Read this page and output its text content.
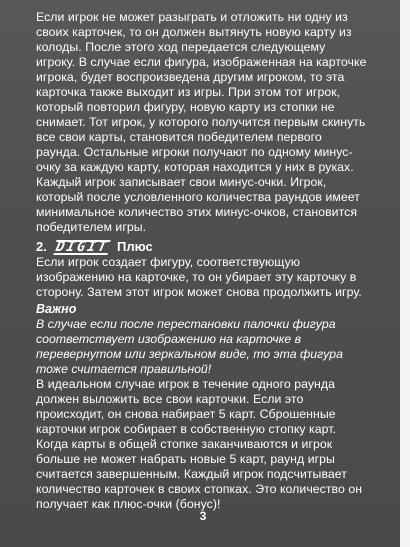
Если игрок не может разыграть и отложить ни одну из своих карточек, то он должен вытянуть новую карту из колоды. После этого ход передается следующему игроку. В случае если фигура, изображенная на карточке игрока, будет воспроизведена другим игроком, то эта карточка также выходит из игры. При этом тот игрок, который повторил фигуру, новую карту из стопки не снимает. Тот игрок, у которого получится первым скинуть все свои карты, становится победителем первого раунда. Остальные игроки получают по одному минус-очку за каждую карту, которая находится у них в руках. Каждый игрок записывает свои минус-очки. Игрок, который после условленного количества раундов имеет минимальное количество этих минус-очков, становится победителем игры.

2. DIGIT Плюс

Если игрок создает фигуру, соответствующую изображению на карточке, то он убирает эту карточку в сторону. Затем этот игрок может снова продолжить игру.

Важно

В случае если после перестановки палочки фигура соответствует изображению на карточке в перевернутом или зеркальном виде, то эта фигура тоже считается правильной!

В идеальном случае игрок в течение одного раунда должен выложить все свои карточки. Если это происходит, он снова набирает 5 карт. Сброшенные карточки игрок собирает в собственную стопку карт. Когда карты в общей стопке заканчиваются и игрок больше не может набрать новые 5 карт, раунд игры считается завершенным. Каждый игрок подсчитывает количество карточек в своих стопках. Это количество он получает как плюс-очки (бонус)!

3
